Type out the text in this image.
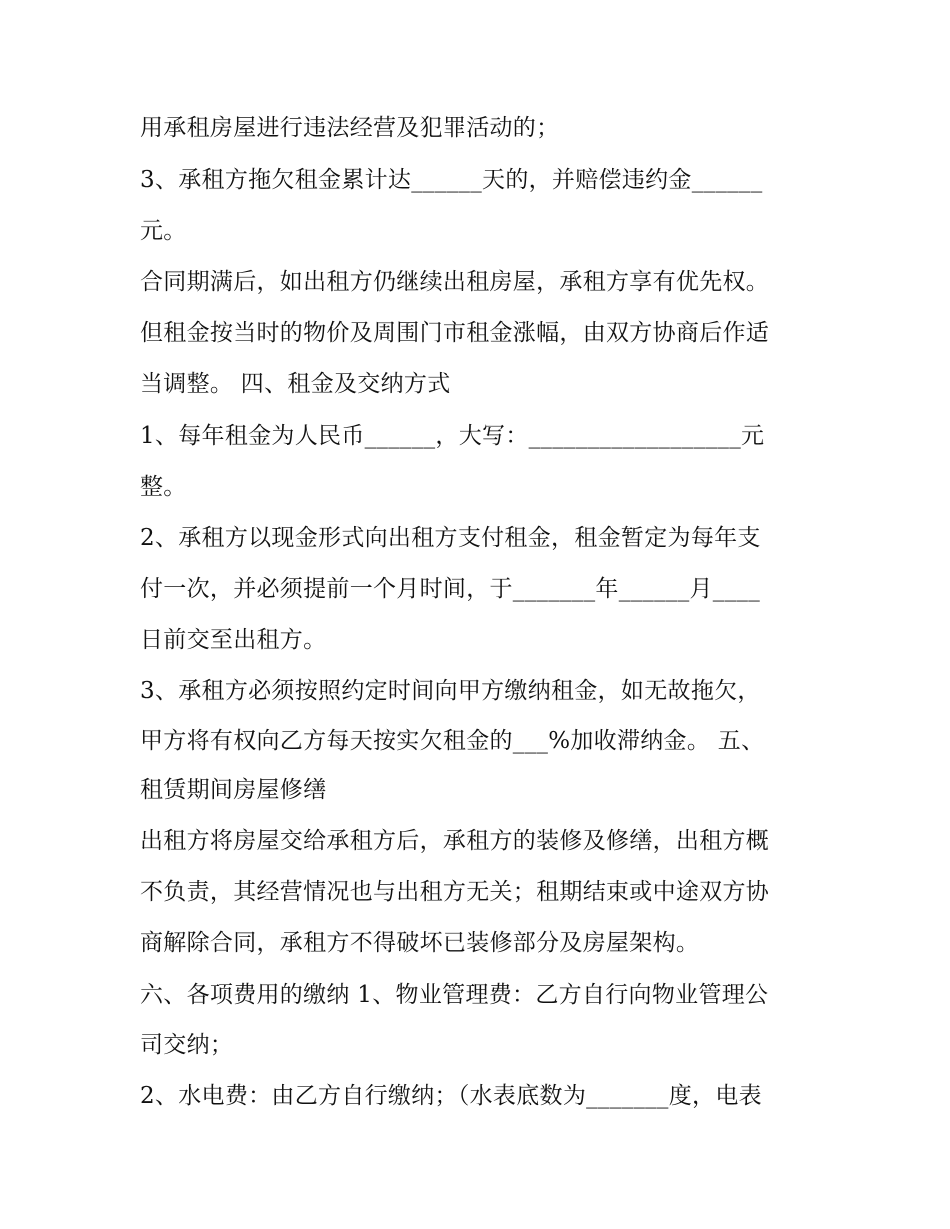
用承租房屋进行违法经营及犯罪活动的；
3、承租方拖欠租金累计达______天的，并赔偿违约金______
元。
合同期满后，如出租方仍继续出租房屋，承租方享有优先权。
但租金按当时的物价及周围门市租金涨幅，由双方协商后作适
当调整。 四、租金及交纳方式
1、每年租金为人民币______，大写：__________________元
整。
2、承租方以现金形式向出租方支付租金，租金暂定为每年支
付一次，并必须提前一个月时间，于_______年______月____
日前交至出租方。
3、承租方必须按照约定时间向甲方缴纳租金，如无故拖欠，
甲方将有权向乙方每天按实欠租金的___%加收滞纳金。 五、
租赁期间房屋修缮
出租方将房屋交给承租方后，承租方的装修及修缮，出租方概
不负责，其经营情况也与出租方无关；租期结束或中途双方协
商解除合同，承租方不得破坏已装修部分及房屋架构。
六、各项费用的缴纳 1、物业管理费：乙方自行向物业管理公
司交纳；
2、水电费：由乙方自行缴纳；（水表底数为_______度，电表
